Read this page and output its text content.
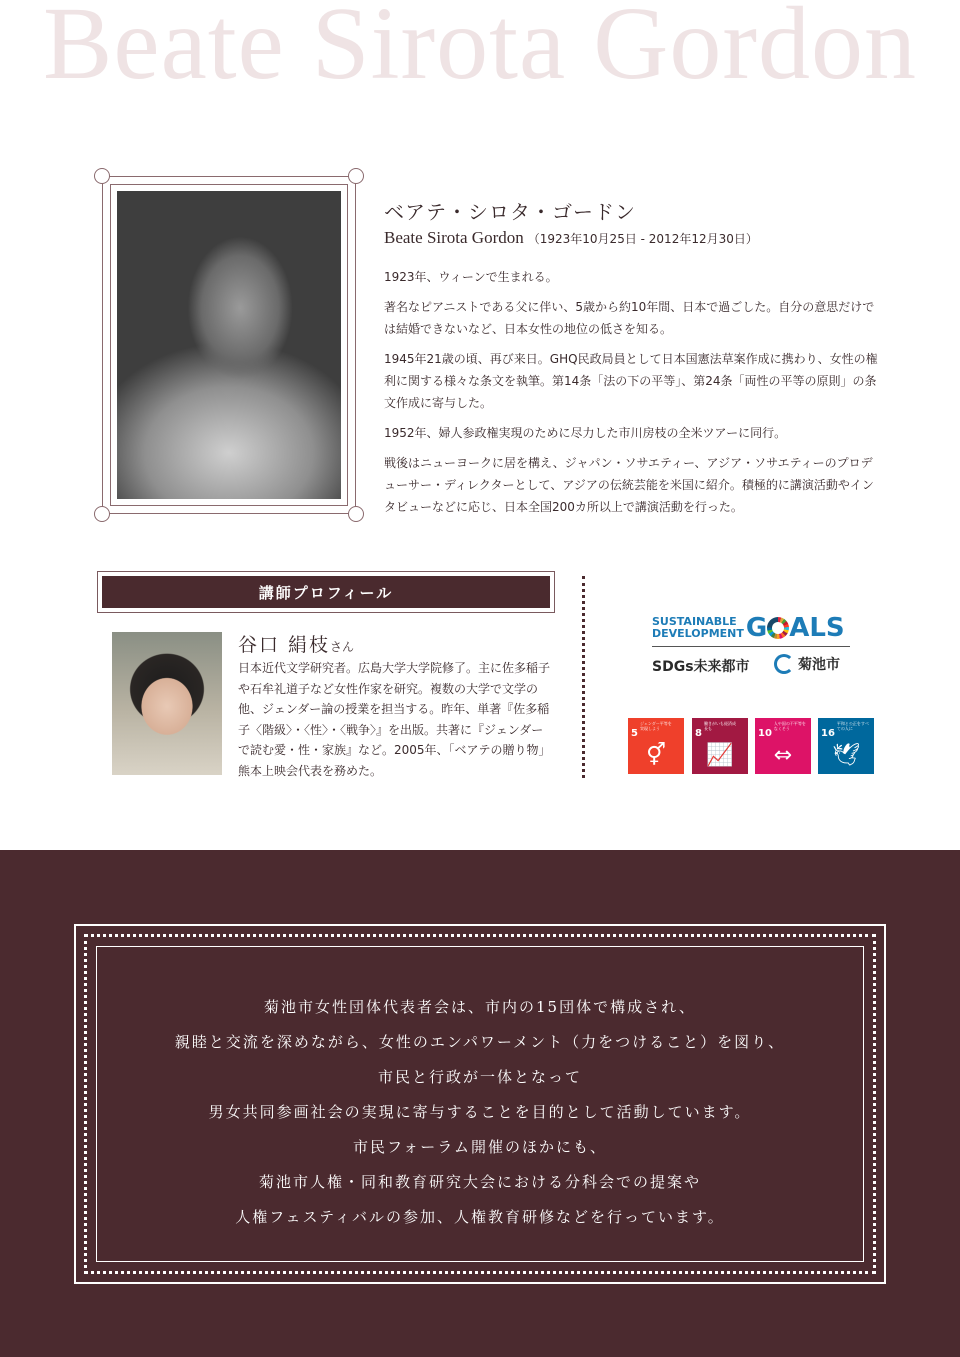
Beate Sirota Gordon
ベアテ・シロタ・ゴードン
Beate Sirota Gordon （1923年10月25日 - 2012年12月30日）

1923年、ウィーンで生まれる。

著名なピアニストである父に伴い、5歳から約10年間、日本で過ごした。自分の意思だけでは結婚できないなど、日本女性の地位の低さを知る。

1945年21歳の頃、再び来日。GHQ民政局員として日本国憲法草案作成に携わり、女性の権利に関する様々な条文を執筆。第14条「法の下の平等」、第24条「両性の平等の原則」の条文作成に寄与した。

1952年、婦人参政権実現のために尽力した市川房枝の全米ツアーに同行。

戦後はニューヨークに居を構え、ジャパン・ソサエティー、アジア・ソサエティーのプロデューサー・ディレクターとして、アジアの伝統芸能を米国に紹介。積極的に講演活動やインタビューなどに応じ、日本全国200カ所以上で講演活動を行った。

講師プロフィール
谷口 絹枝さん
日本近代文学研究者。広島大学大学院修了。主に佐多稲子や石牟礼道子など女性作家を研究。複数の大学で文学の他、ジェンダー論の授業を担当する。昨年、単著『佐多稲子〈階級〉・〈性〉・〈戦争〉』を出版。共著に『ジェンダーで読む愛・性・家族』など。2005年、「ベアテの贈り物」熊本上映会代表を務めた。
SUSTAINABLE
DEVELOPMENTG ALS
SDGs未来都市	菊池市
5ジェンダー平等を実現しよう
⚥
8働きがいも経済成長も
📈
10人や国の不平等をなくそう
⇔
16平和と公正をすべての人に
🕊
菊池市女性団体代表者会は、市内の15団体で構成され、
親睦と交流を深めながら、女性のエンパワーメント（力をつけること）を図り、
市民と行政が一体となって
男女共同参画社会の実現に寄与することを目的として活動しています。
市民フォーラム開催のほかにも、
菊池市人権・同和教育研究大会における分科会での提案や
人権フェスティバルの参加、人権教育研修などを行っています。
